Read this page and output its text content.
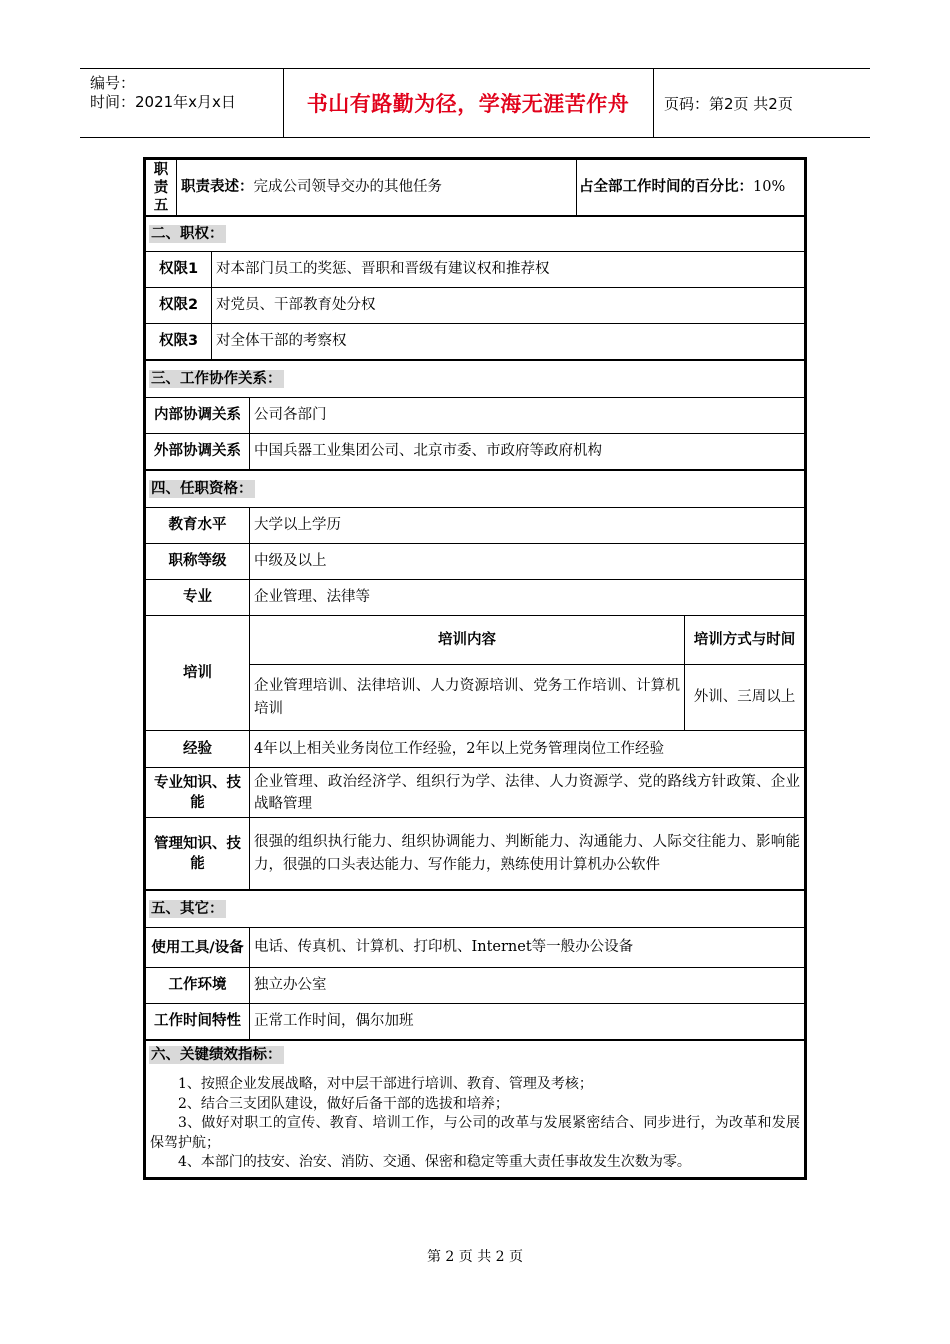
编号：
时间：2021年x月x日	书山有路勤为径，学海无涯苦作舟	页码：第2页 共2页
职责五	职责表述：完成公司领导交办的其他任务	占全部工作时间的百分比：10%
二、职权：	
权限1	对本部门员工的奖惩、晋职和晋级有建议权和推荐权
权限2	对党员、干部教育处分权
权限3	对全体干部的考察权
三、工作协作关系：	
内部协调关系	公司各部门
外部协调关系	中国兵器工业集团公司、北京市委、市政府等政府机构
四、任职资格：		
教育水平	大学以上学历	
职称等级	中级及以上	
专业	企业管理、法律等	
培训	培训内容	培训方式与时间
	企业管理培训、法律培训、人力资源培训、党务工作培训、计算机培训	外训、三周以上
经验	4年以上相关业务岗位工作经验，2年以上党务管理岗位工作经验	
专业知识、技能	企业管理、政治经济学、组织行为学、法律、人力资源学、党的路线方针政策、企业战略管理	
管理知识、技能	很强的组织执行能力、组织协调能力、判断能力、沟通能力、人际交往能力、影响能力，很强的口头表达能力、写作能力，熟练使用计算机办公软件	
五、其它：	
使用工具/设备	电话、传真机、计算机、打印机、Internet等一般办公设备
工作环境	独立办公室
工作时间特性	正常工作时间，偶尔加班
六、关键绩效指标：

1、按照企业发展战略，对中层干部进行培训、教育、管理及考核；
2、结合三支团队建设，做好后备干部的选拔和培养；
3、做好对职工的宣传、教育、培训工作，与公司的改革与发展紧密结合、同步进行，为改革和发展保驾护航；
4、本部门的技安、治安、消防、交通、保密和稳定等重大责任事故发生次数为零。
第 2 页 共 2 页
